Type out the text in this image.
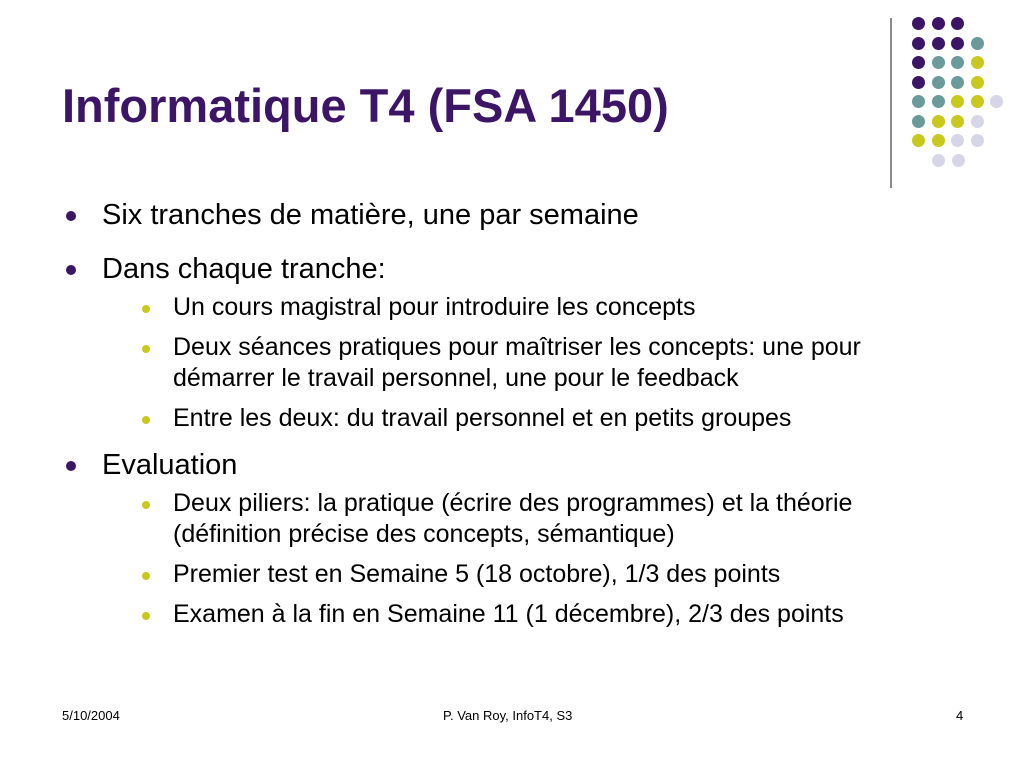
Informatique T4 (FSA 1450)
Six tranches de matière, une par semaine
Dans chaque tranche:
Un cours magistral pour introduire les concepts
Deux séances pratiques pour maîtriser les concepts: une pour démarrer le travail personnel, une pour le feedback
Entre les deux: du travail personnel et en petits groupes
Evaluation
Deux piliers: la pratique (écrire des programmes) et la théorie (définition précise des concepts, sémantique)
Premier test en Semaine 5 (18 octobre), 1/3 des points
Examen à la fin en Semaine 11 (1 décembre), 2/3 des points
5/10/2004	P. Van Roy, InfoT4, S3	4
